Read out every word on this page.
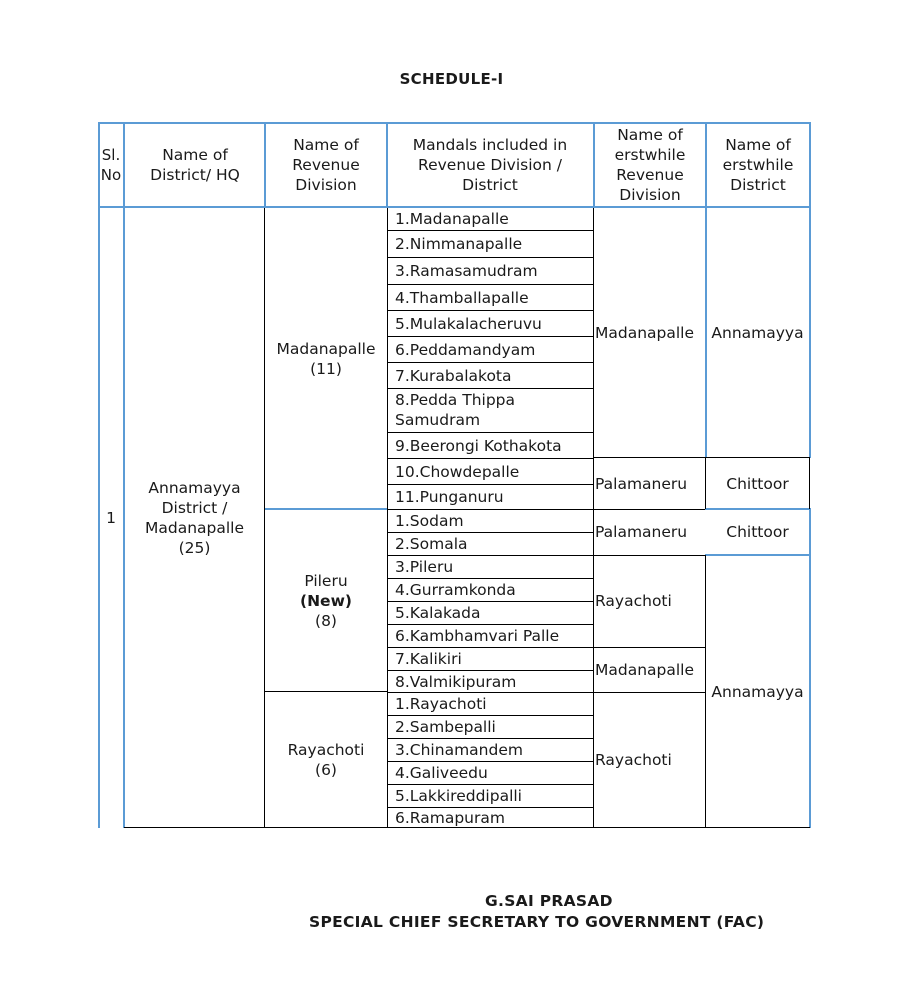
SCHEDULE-I
Sl.
No
Name of District/ HQ
Name of Revenue Division
Mandals included in Revenue Division / District
Name of erstwhile Revenue Division
Name of erstwhile District
1
Annamayya
District /
Madanapalle
(25)
Madanapalle
(11)
Pileru
(New)
(8)
Rayachoti
(6)
1.Madanapalle
2.Nimmanapalle
3.Ramasamudram
4.Thamballapalle
5.Mulakalacheruvu
6.Peddamandyam
7.Kurabalakota
8.Pedda Thippa Samudram
9.Beerongi Kothakota
10.Chowdepalle
11.Punganuru
1.Sodam
2.Somala
3.Pileru
4.Gurramkonda
5.Kalakada
6.Kambhamvari Palle
7.Kalikiri
8.Valmikipuram
1.Rayachoti
2.Sambepalli
3.Chinamandem
4.Galiveedu
5.Lakkireddipalli
6.Ramapuram
Madanapalle
Palamaneru
Palamaneru
Rayachoti
Madanapalle
Rayachoti
Annamayya
Chittoor
Chittoor
Annamayya
G.SAI PRASAD
SPECIAL CHIEF SECRETARY TO GOVERNMENT (FAC)
